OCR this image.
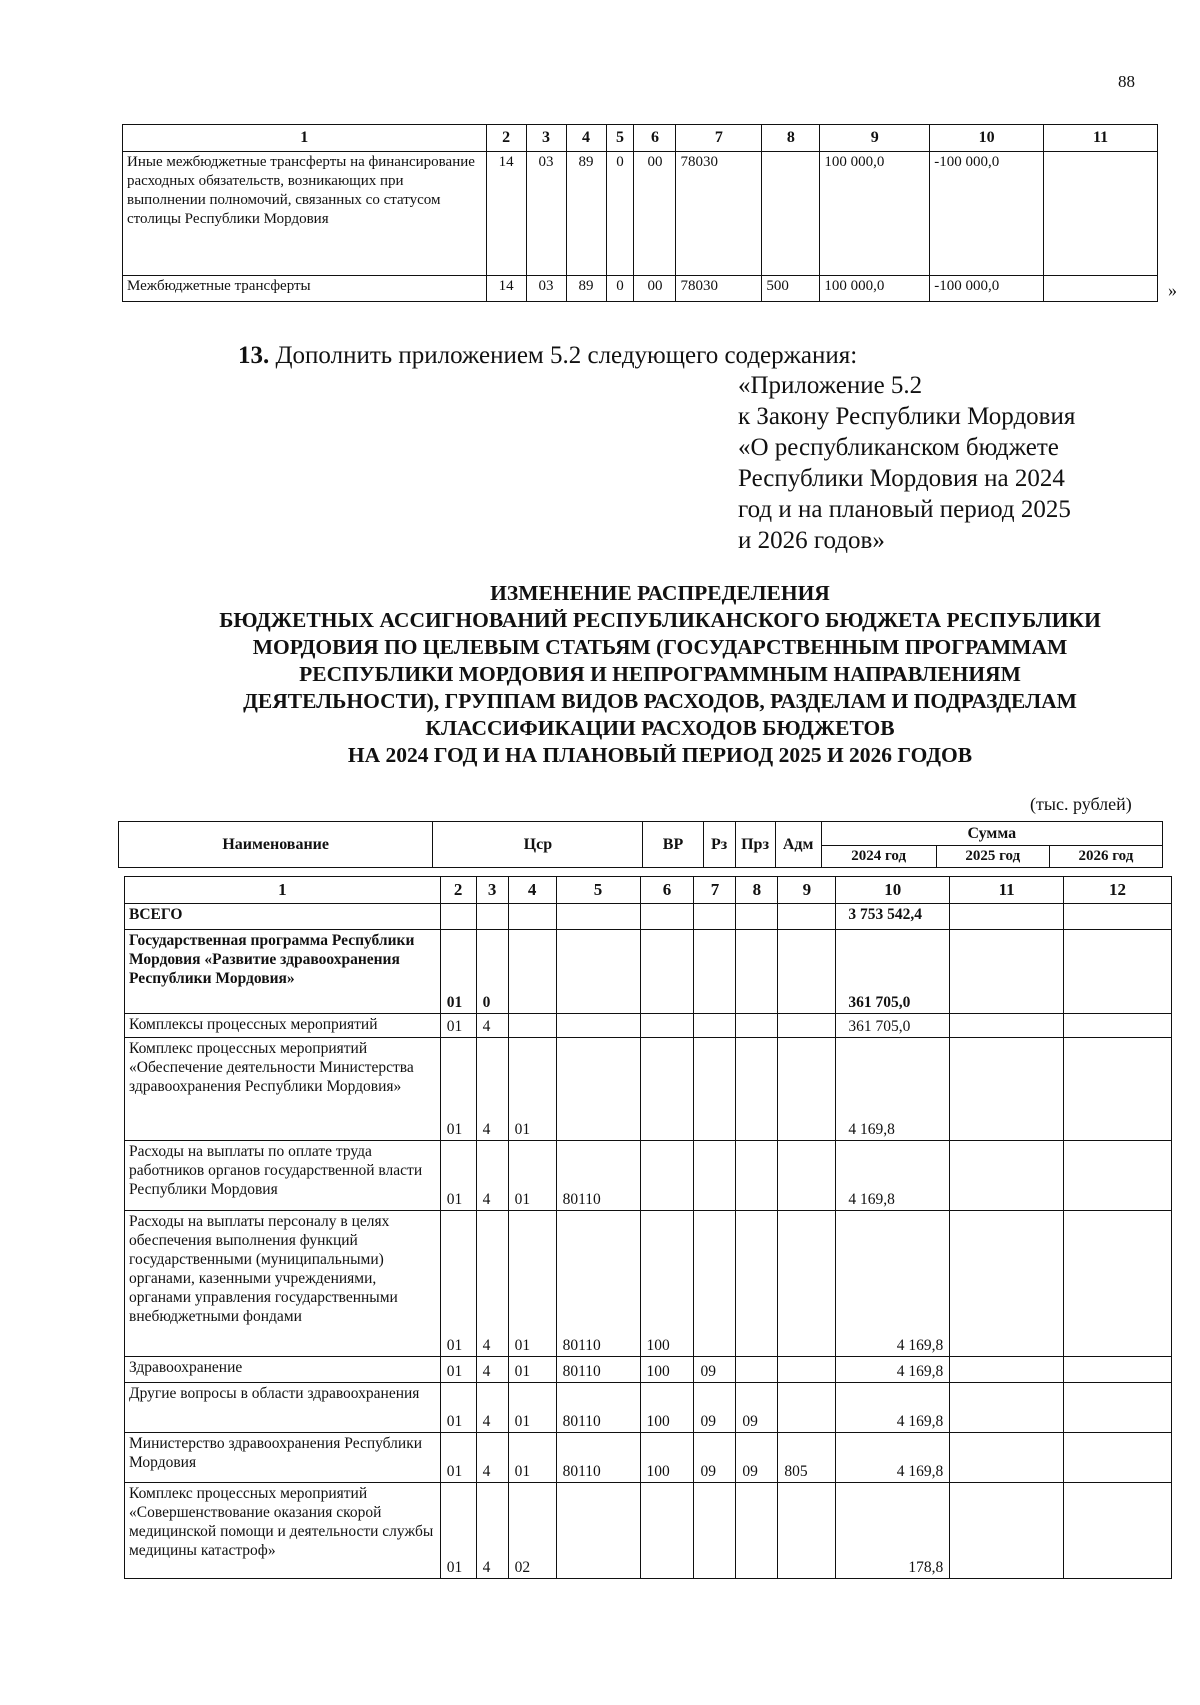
88
1	2	3	4	5	6	7	8	9	10	11
Иные межбюджетные трансферты на финансирование расходных обязательств, возникающих при выполнении полномочий, связанных со статусом столицы Республики Мордовия	14	03	89	0	00	78030		100 000,0	-100 000,0	
Межбюджетные трансферты	14	03	89	0	00	78030	500	100 000,0	-100 000,0		»
13. Дополнить приложением 5.2 следующего содержания:
«Приложение 5.2
к Закону Республики Мордовия
«О республиканском бюджете
Республики Мордовия на 2024
год и на плановый период 2025
и 2026 годов»
ИЗМЕНЕНИЕ РАСПРЕДЕЛЕНИЯ
БЮДЖЕТНЫХ АССИГНОВАНИЙ РЕСПУБЛИКАНСКОГО БЮДЖЕТА РЕСПУБЛИКИ
МОРДОВИЯ ПО ЦЕЛЕВЫМ СТАТЬЯМ (ГОСУДАРСТВЕННЫМ ПРОГРАММАМ
РЕСПУБЛИКИ МОРДОВИЯ И НЕПРОГРАММНЫМ НАПРАВЛЕНИЯМ
ДЕЯТЕЛЬНОСТИ), ГРУППАМ ВИДОВ РАСХОДОВ, РАЗДЕЛАМ И ПОДРАЗДЕЛАМ
КЛАССИФИКАЦИИ РАСХОДОВ БЮДЖЕТОВ
НА 2024 ГОД И НА ПЛАНОВЫЙ ПЕРИОД 2025 И 2026 ГОДОВ
(тыс. рублей)
Наименование	Цср	ВР	Рз	Прз	Адм	Сумма		
						2024 год	2025 год	2026 год
1	2	3	4	5	6	7	8	9	10	11	12
ВСЕГО									3 753 542,4		
Государственная программа Республики Мордовия «Развитие здравоохранения Республики Мордовия»	01	0							361 705,0		
Комплексы процессных мероприятий	01	4							361 705,0		
Комплекс процессных мероприятий «Обеспечение деятельности Министерства здравоохранения Республики Мордовия»	01	4	01						4 169,8		
Расходы на выплаты по оплате труда работников органов государственной власти Республики Мордовия	01	4	01	80110					4 169,8		
Расходы на выплаты персоналу в целях обеспечения выполнения функций государственными (муниципальными) органами, казенными учреждениями, органами управления государственными внебюджетными фондами	01	4	01	80110	100				4 169,8		
Здравоохранение	01	4	01	80110	100	09			4 169,8		
Другие вопросы в области здравоохранения	01	4	01	80110	100	09	09		4 169,8		
Министерство здравоохранения Республики Мордовия	01	4	01	80110	100	09	09	805	4 169,8		
Комплекс процессных мероприятий «Совершенствование оказания скорой медицинской помощи и деятельности службы медицины катастроф»	01	4	02						178,8		
